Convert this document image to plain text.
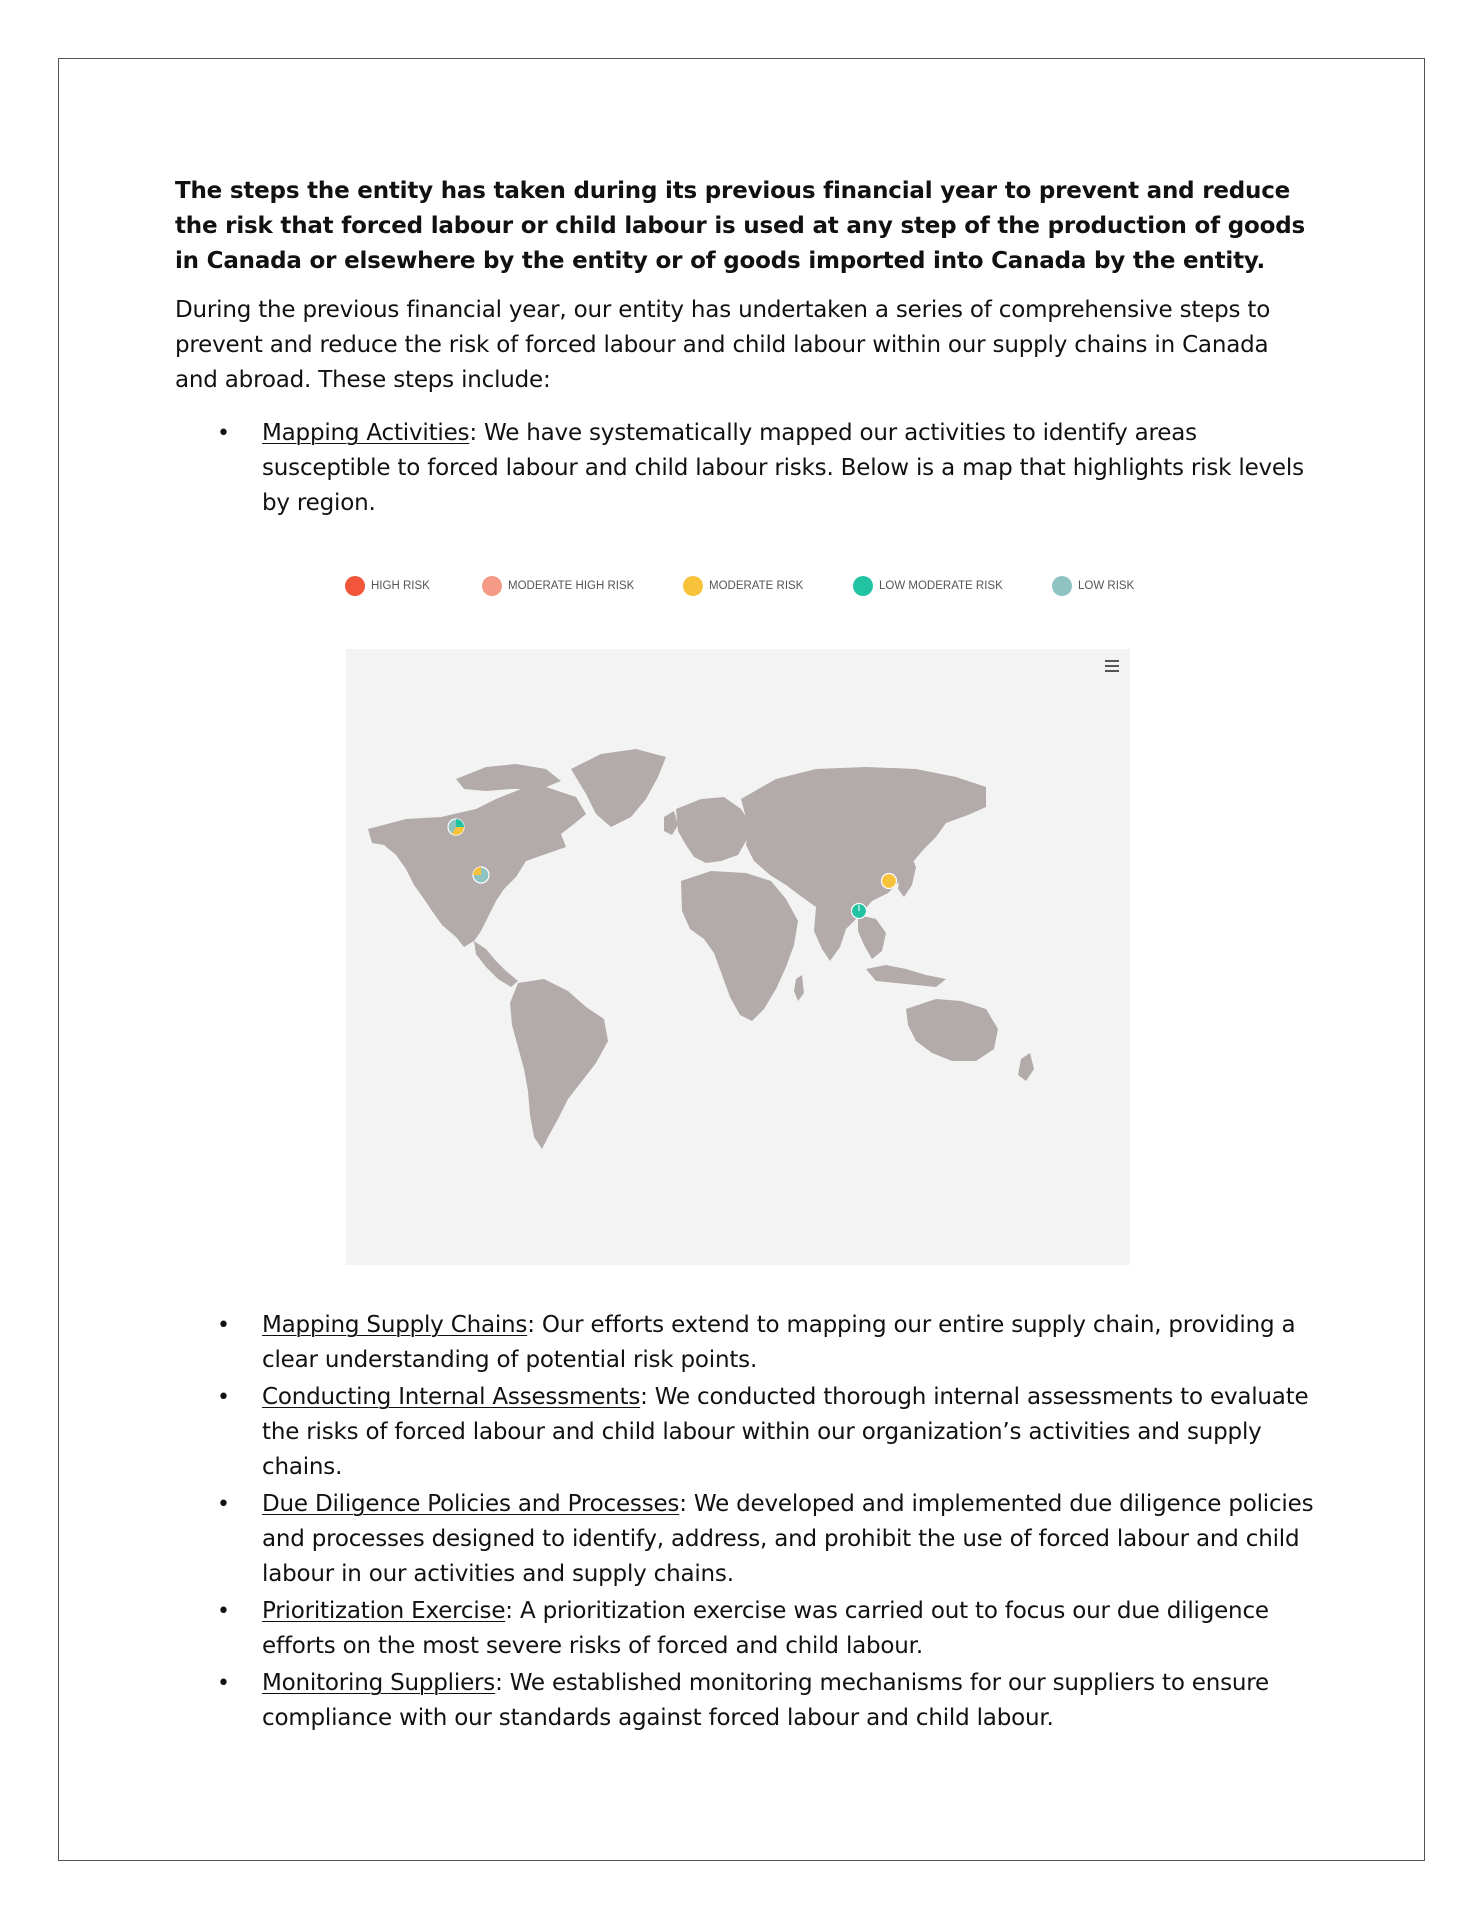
The steps the entity has taken during its previous financial year to prevent and reduce the risk that forced labour or child labour is used at any step of the production of goods in Canada or elsewhere by the entity or of goods imported into Canada by the entity.

During the previous financial year, our entity has undertaken a series of comprehensive steps to prevent and reduce the risk of forced labour and child labour within our supply chains in Canada and abroad. These steps include:

• Mapping Activities: We have systematically mapped our activities to identify areas susceptible to forced labour and child labour risks. Below is a map that highlights risk levels by region.
HIGH RISK	MODERATE HIGH RISK	MODERATE RISK	LOW MODERATE RISK	LOW RISK
• Mapping Supply Chains: Our efforts extend to mapping our entire supply chain, providing a clear understanding of potential risk points.
• Conducting Internal Assessments: We conducted thorough internal assessments to evaluate the risks of forced labour and child labour within our organization’s activities and supply chains.
• Due Diligence Policies and Processes: We developed and implemented due diligence policies and processes designed to identify, address, and prohibit the use of forced labour and child labour in our activities and supply chains.
• Prioritization Exercise: A prioritization exercise was carried out to focus our due diligence efforts on the most severe risks of forced and child labour.
• Monitoring Suppliers: We established monitoring mechanisms for our suppliers to ensure compliance with our standards against forced labour and child labour.
